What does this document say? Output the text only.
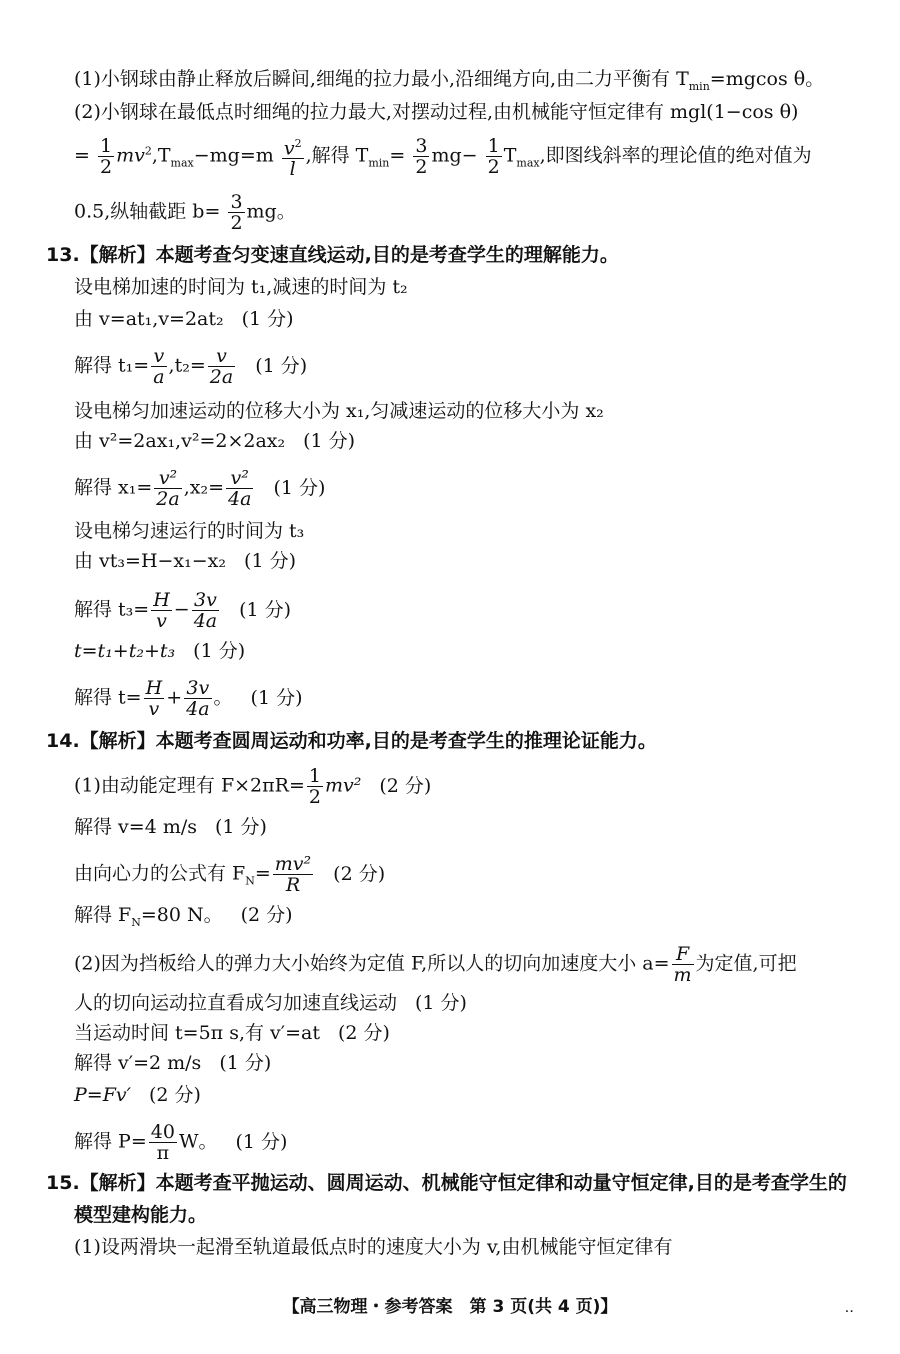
(1)小钢球由静止释放后瞬间,细绳的拉力最小,沿细绳方向,由二力平衡有 $T_{min}=mgcos$ θ。
(2)小钢球在最低点时细绳的拉力最大,对摆动过程,由机械能守恒定律有 mgl(1−cos θ)
= $\frac{1}{2} mv^2,T_{max}-mg=m \frac{v^2}{l}$ ,解得 $T_{min}= \frac{3}{2} mg- \frac{1}{2} T_{max}$,即图线斜率的理论值的绝对值为
0.5,纵轴截距 $b= \frac{3}{2}$ mg。
13.【解析】本题考查匀变速直线运动,目的是考查学生的理解能力。
设电梯加速的时间为 t₁,减速的时间为 t₂
由 v=at₁,v=2at₂ (1 分)
解得 $t_1= \frac{v}{a} ,t_2= \frac{v}{2a} (1$ 分)
设电梯匀加速运动的位移大小为 x₁,匀减速运动的位移大小为 x₂
由 v²=2ax₁,v²=2×2ax₂ (1 分)
解得 $x_1= \frac{\text{v²}}{2a} ,x_2= \frac{\text{v²}}{4a} (1$ 分)
设电梯匀速运行的时间为 t₃
由 vt₃=H−x₁−x₂ (1 分)
解得 $t_3= \frac{H}{v} - \frac{3v}{4a} (1$ 分)
t=t₁+t₂+t₃ (1 分)
解得 $t= \frac{H}{v} + \frac{3v}{4a}$ 。 (1 分)
14.【解析】本题考查圆周运动和功率,目的是考查学生的推理论证能力。
(1)由动能定理有 $F\times 2\pi R= \frac{1}{2} mv^2$ (2 分)
解得 v=4 m/s (1 分)
由向心力的公式有 $F_N= \frac{\text{mv²}}{R} (2$ 分)
解得 $F_N=80$ N。 (2 分)
(2)因为挡板给人的弹力大小始终为定值 F,所以人的切向加速度大小 $a= \frac{F}{m}$ 为定值,可把
人的切向运动拉直看成匀加速直线运动 (1 分)
当运动时间 t=5π s,有 v′=at (2 分)
解得 v′=2 m/s (1 分)
P=Fv′ (2 分)
解得 $P= \frac{40}{\pi}$ W。 (1 分)
15.【解析】本题考查平抛运动、圆周运动、机械能守恒定律和动量守恒定律,目的是考查学生的
模型建构能力。
(1)设两滑块一起滑至轨道最低点时的速度大小为 v,由机械能守恒定律有
【高三物理・参考答案　第 3 页(共 4 页)】	‥
